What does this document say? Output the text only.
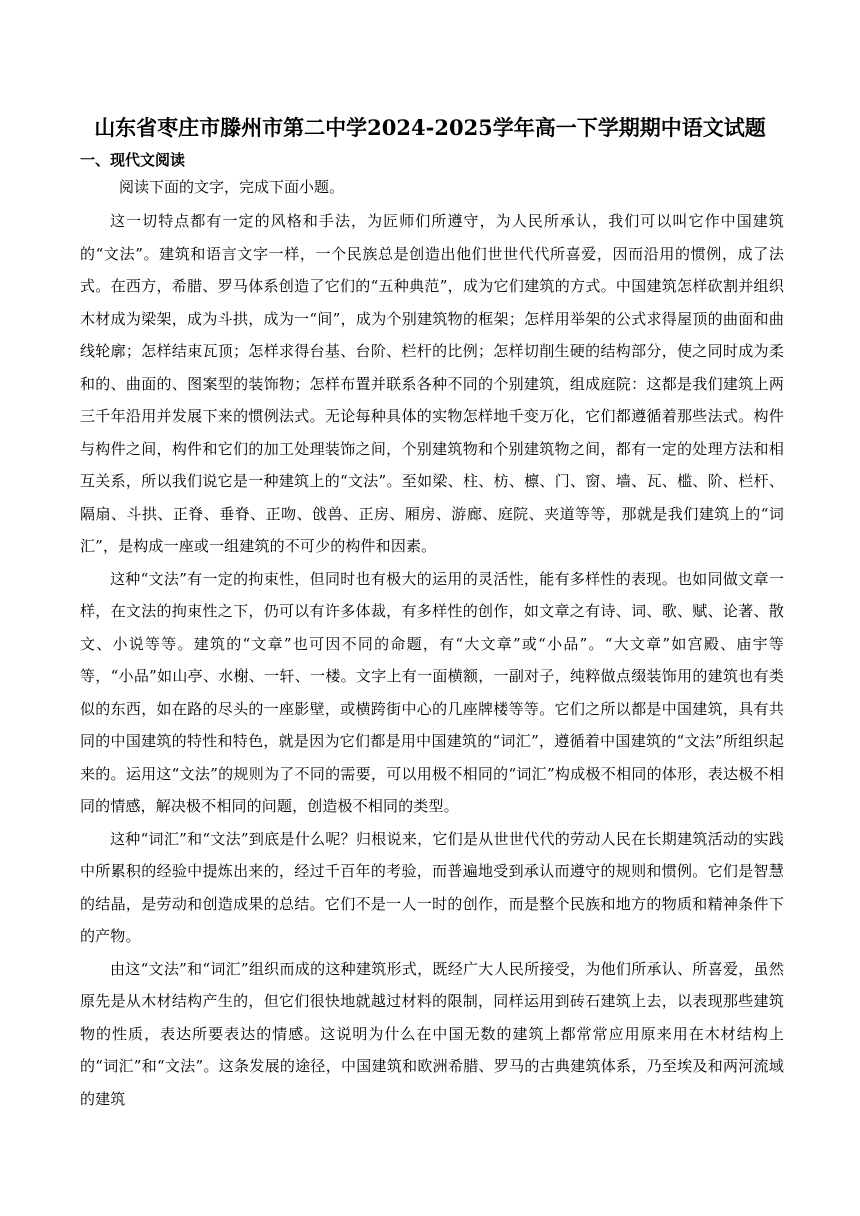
山东省枣庄市滕州市第二中学2024-2025学年高一下学期期中语文试题
一、现代文阅读
阅读下面的文字，完成下面小题。

这一切特点都有一定的风格和手法，为匠师们所遵守，为人民所承认，我们可以叫它作中国建筑的“文法”。建筑和语言文字一样，一个民族总是创造出他们世世代代所喜爱，因而沿用的惯例，成了法式。在西方，希腊、罗马体系创造了它们的“五种典范”，成为它们建筑的方式。中国建筑怎样砍割并组织木材成为梁架，成为斗拱，成为一“间”，成为个别建筑物的框架；怎样用举架的公式求得屋顶的曲面和曲线轮廓；怎样结束瓦顶；怎样求得台基、台阶、栏杆的比例；怎样切削生硬的结构部分，使之同时成为柔和的、曲面的、图案型的装饰物；怎样布置并联系各种不同的个别建筑，组成庭院：这都是我们建筑上两三千年沿用并发展下来的惯例法式。无论每种具体的实物怎样地千变万化，它们都遵循着那些法式。构件与构件之间，构件和它们的加工处理装饰之间，个别建筑物和个别建筑物之间，都有一定的处理方法和相互关系，所以我们说它是一种建筑上的“文法”。至如梁、柱、枋、檩、门、窗、墙、瓦、槛、阶、栏杆、隔扇、斗拱、正脊、垂脊、正吻、戗兽、正房、厢房、游廊、庭院、夹道等等，那就是我们建筑上的“词汇”，是构成一座或一组建筑的不可少的构件和因素。

这种“文法”有一定的拘束性，但同时也有极大的运用的灵活性，能有多样性的表现。也如同做文章一样，在文法的拘束性之下，仍可以有许多体裁，有多样性的创作，如文章之有诗、词、歌、赋、论著、散文、小说等等。建筑的“文章”也可因不同的命题，有“大文章”或“小品”。“大文章”如宫殿、庙宇等等，“小品”如山亭、水榭、一轩、一楼。文字上有一面横额，一副对子，纯粹做点缀装饰用的建筑也有类似的东西，如在路的尽头的一座影壁，或横跨街中心的几座牌楼等等。它们之所以都是中国建筑，具有共同的中国建筑的特性和特色，就是因为它们都是用中国建筑的“词汇”，遵循着中国建筑的“文法”所组织起来的。运用这“文法”的规则为了不同的需要，可以用极不相同的“词汇”构成极不相同的体形，表达极不相同的情感，解决极不相同的问题，创造极不相同的类型。

这种“词汇”和“文法”到底是什么呢？归根说来，它们是从世世代代的劳动人民在长期建筑活动的实践中所累积的经验中提炼出来的，经过千百年的考验，而普遍地受到承认而遵守的规则和惯例。它们是智慧的结晶，是劳动和创造成果的总结。它们不是一人一时的创作，而是整个民族和地方的物质和精神条件下的产物。

由这“文法”和“词汇”组织而成的这种建筑形式，既经广大人民所接受，为他们所承认、所喜爱，虽然原先是从木材结构产生的，但它们很快地就越过材料的限制，同样运用到砖石建筑上去，以表现那些建筑物的性质，表达所要表达的情感。这说明为什么在中国无数的建筑上都常常应用原来用在木材结构上的“词汇”和“文法”。这条发展的途径，中国建筑和欧洲希腊、罗马的古典建筑体系，乃至埃及和两河流域的建筑
